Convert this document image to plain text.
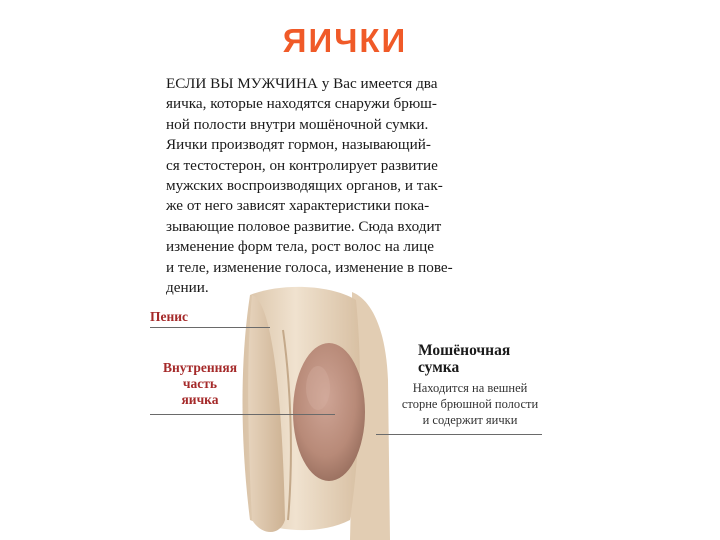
ЯИЧКИ
ЕСЛИ ВЫ МУЖЧИНА у Вас имеется два
яичка, которые находятся снаружи брюш-
ной полости внутри мошёночной сумки.
Яички производят гормон, называющий-
ся тестостерон, он контролирует развитие
мужских воспроизводящих органов, и так-
же от него зависят характеристики пока-
зывающие половое развитие. Сюда входит
изменение форм тела, рост волос на лице
и теле, изменение голоса, изменение в пове-
дении.
Пенис
Внутренняя
часть
яичка
Мошёночная
сумка
Находится на вешней
сторне брюшной полости
и содержит яички
